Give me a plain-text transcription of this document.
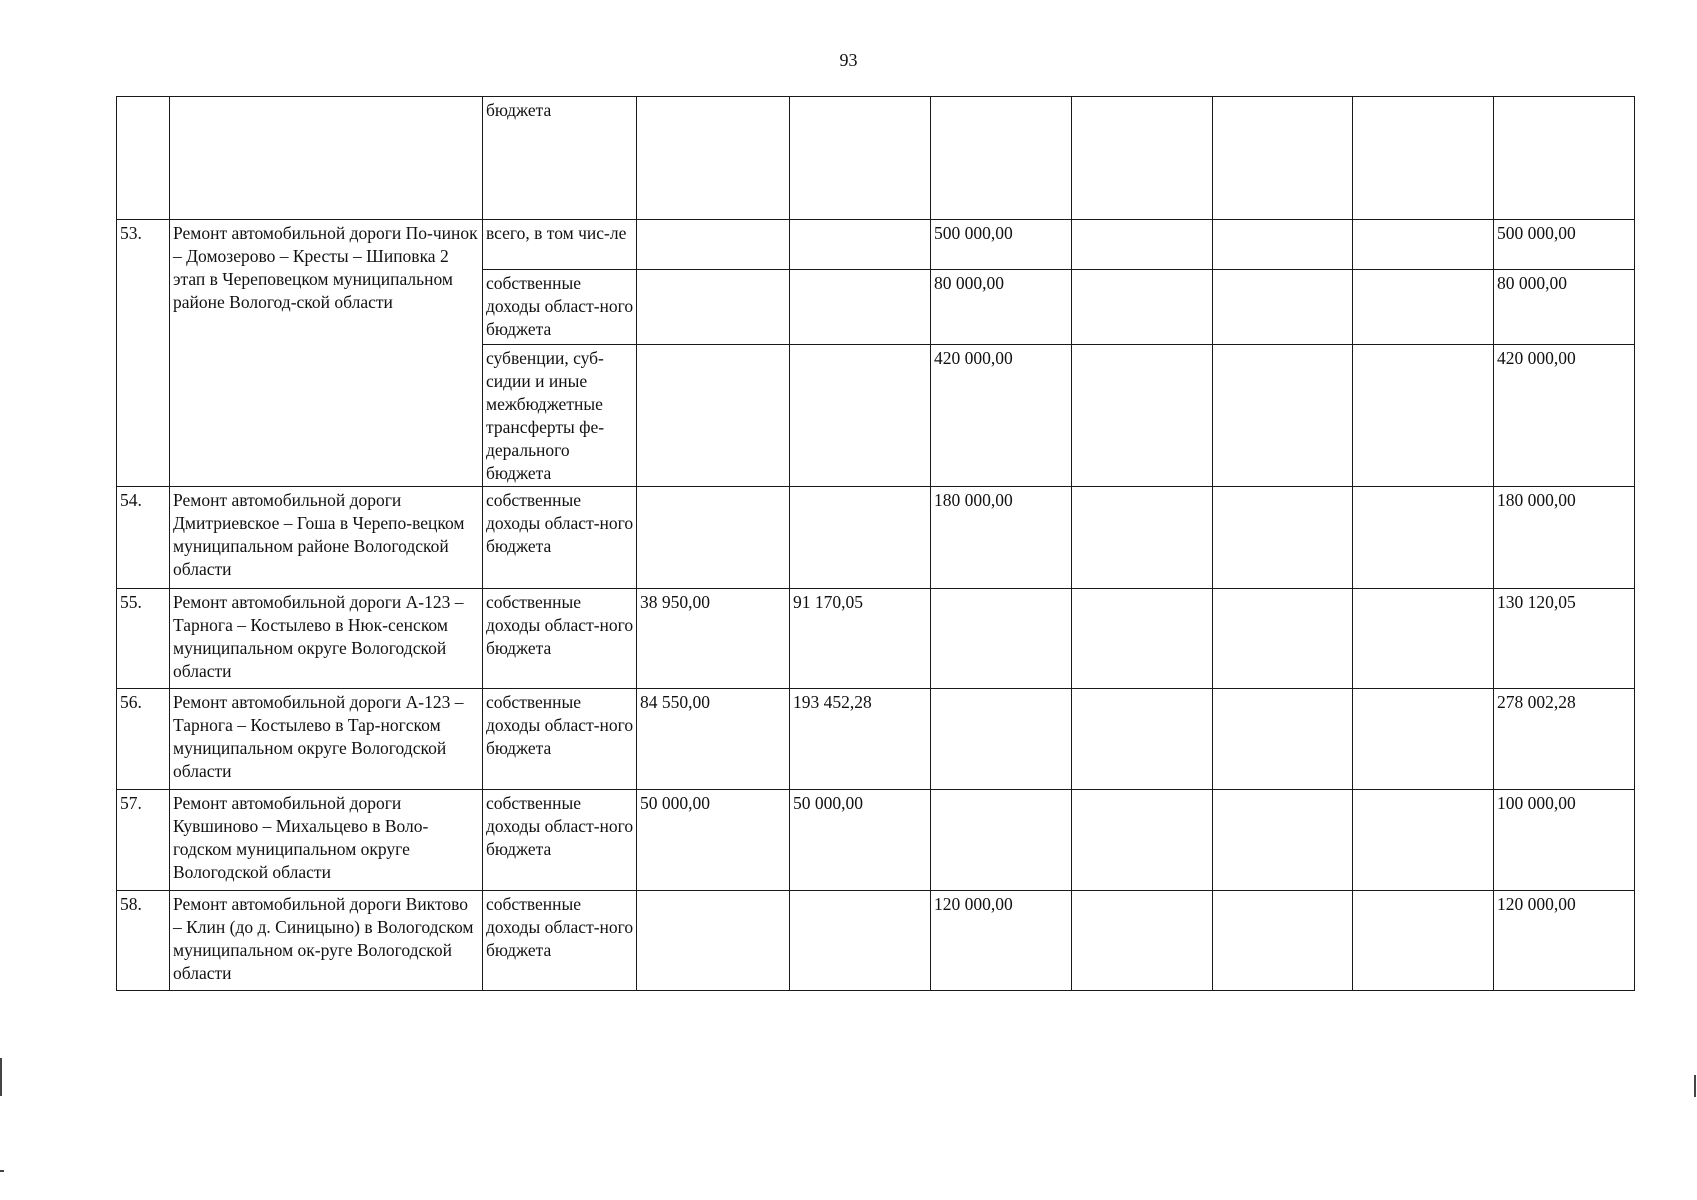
93
		бюджета							
53.	Ремонт автомобильной дороги По-чинок – Домозерово – Кресты – Шиповка 2 этап в Череповецком муниципальном районе Вологод-ской области	всего, в том чис-ле			500 000,00				500 000,00
		собственные доходы област-ного бюджета			80 000,00				80 000,00
		субвенции, суб-сидии и иные межбюджетные трансферты фе-дерального бюджета			420 000,00				420 000,00
54.	Ремонт автомобильной дороги Дмитриевское – Гоша в Черепо-вецком муниципальном районе Вологодской области	собственные доходы област-ного бюджета			180 000,00				180 000,00
55.	Ремонт автомобильной дороги А-123 – Тарнога – Костылево в Нюк-сенском муниципальном округе Вологодской области	собственные доходы област-ного бюджета	38 950,00	91 170,05					130 120,05
56.	Ремонт автомобильной дороги А-123 – Тарнога – Костылево в Тар-ногском муниципальном округе Вологодской области	собственные доходы област-ного бюджета	84 550,00	193 452,28					278 002,28
57.	Ремонт автомобильной дороги Кувшиново – Михальцево в Воло-годском муниципальном округе Вологодской области	собственные доходы област-ного бюджета	50 000,00	50 000,00					100 000,00
58.	Ремонт автомобильной дороги Виктово – Клин (до д. Синицыно) в Вологодском муниципальном ок-руге Вологодской области	собственные доходы област-ного бюджета			120 000,00				120 000,00
